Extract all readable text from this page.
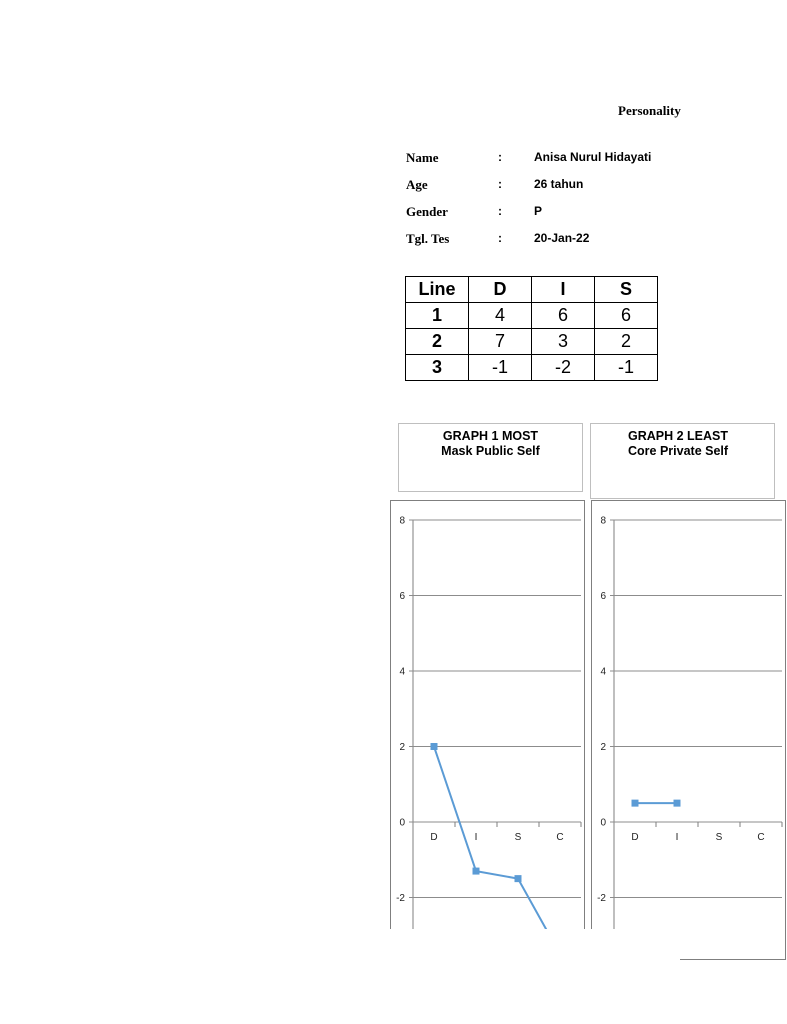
Personality
Name	:	Anisa Nurul Hidayati
Age	:	26 tahun
Gender	:	P
Tgl. Tes	:	20-Jan-22
Line	D	I	S
1	4	6	6
2	7	3	2
3	-1	-2	-1
GRAPH 1 MOST
Mask Public Self
GRAPH 2 LEAST
Core Private Self
8
6
4
2
0
-2
D	I	S	C
8
6
4
2
0
-2
D	I	S	C
